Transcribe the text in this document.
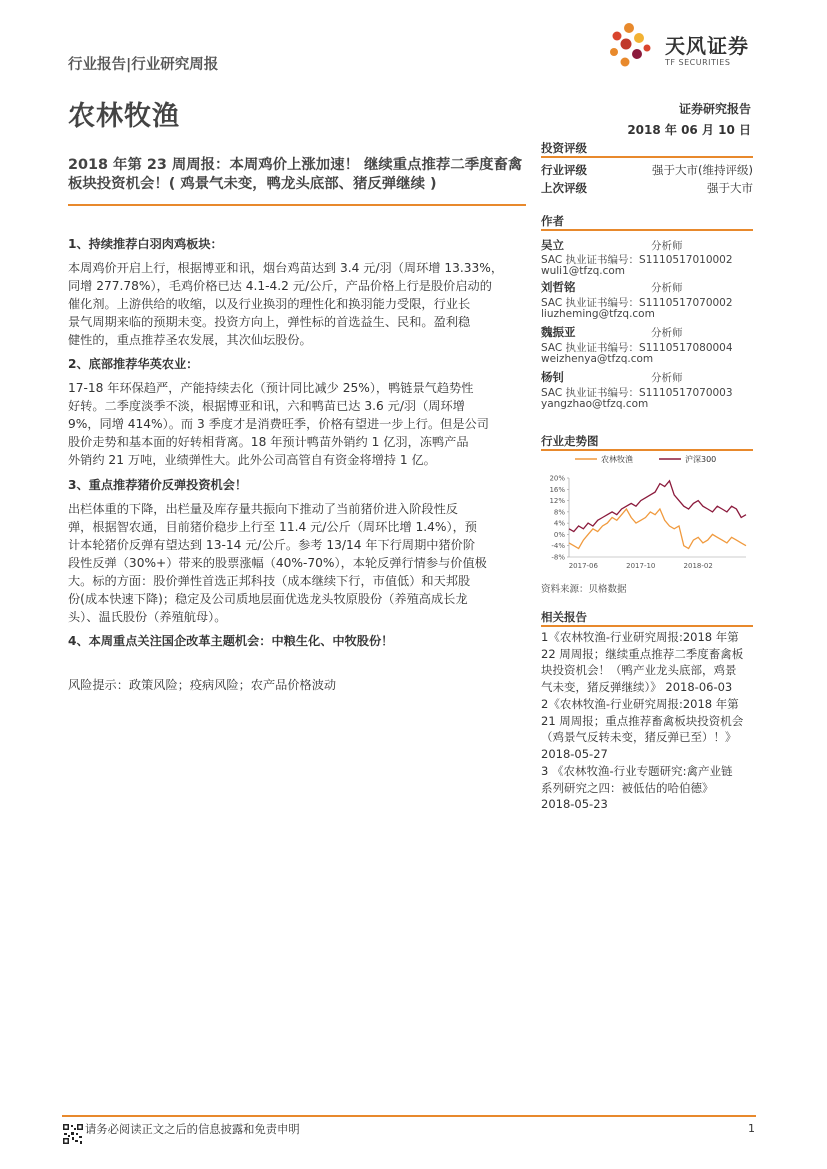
行业报告|行业研究周报
农林牧渔
天风证券
TF SECURITIES
证券研究报告
2018 年 06 月 10 日
2018 年第 23 周周报：本周鸡价上涨加速！ 继续重点推荐二季度畜禽板块投资机会！( 鸡景气未变，鸭龙头底部、猪反弹继续 )
1、持续推荐白羽肉鸡板块：
本周鸡价开启上行，根据博亚和讯，烟台鸡苗达到 3.4 元/羽（周环增 13.33%，
同增 277.78%），毛鸡价格已达 4.1-4.2 元/公斤，产品价格上行是股价启动的
催化剂。上游供给的收缩，以及行业换羽的理性化和换羽能力受限，行业长
景气周期来临的预期未变。投资方向上，弹性标的首选益生、民和。盈利稳
健性的，重点推荐圣农发展，其次仙坛股份。
2、底部推荐华英农业：
17-18 年环保趋严，产能持续去化（预计同比减少 25%），鸭链景气趋势性
好转。二季度淡季不淡，根据博亚和讯，六和鸭苗已达 3.6 元/羽（周环增
9%，同增 414%）。而 3 季度才是消费旺季，价格有望进一步上行。但是公司
股价走势和基本面的好转相背离。18 年预计鸭苗外销约 1 亿羽，冻鸭产品
外销约 21 万吨，业绩弹性大。此外公司高管自有资金将增持 1 亿。
3、重点推荐猪价反弹投资机会！
出栏体重的下降，出栏量及库存量共振向下推动了当前猪价进入阶段性反
弹，根据智农通，目前猪价稳步上行至 11.4 元/公斤（周环比增 1.4%），预
计本轮猪价反弹有望达到 13-14 元/公斤。参考 13/14 年下行周期中猪价阶
段性反弹（30%+）带来的股票涨幅（40%-70%），本轮反弹行情参与价值极
大。标的方面：股价弹性首选正邦科技（成本继续下行，市值低）和天邦股
份(成本快速下降)；稳定及公司质地层面优选龙头牧原股份（养殖高成长龙
头）、温氏股份（养殖航母）。
4、本周重点关注国企改革主题机会：中粮生化、中牧股份！
风险提示：政策风险；疫病风险；农产品价格波动
投资评级
行业评级	强于大市(维持评级)
上次评级	强于大市
作者
吴立	分析师
SAC 执业证书编号：S1110517010002
wuli1@tfzq.com
刘哲铭	分析师
SAC 执业证书编号：S1110517070002
liuzheming@tfzq.com
魏振亚	分析师
SAC 执业证书编号：S1110517080004
weizhenya@tfzq.com
杨钊	分析师
SAC 执业证书编号：S1110517070003
yangzhao@tfzq.com
行业走势图
20%
16%
12%
8%
4%
0%
-4%
-8%
2017-06	2017-10	2018-02
农林牧渔	沪深300
资料来源：贝格数据
相关报告
1《农林牧渔-行业研究周报:2018 年第
22 周周报；继续重点推荐二季度畜禽板
块投资机会！（鸭产业龙头底部，鸡景
气未变，猪反弹继续）》 2018-06-03
2《农林牧渔-行业研究周报:2018 年第
21 周周报；重点推荐畜禽板块投资机会
（鸡景气反转未变，猪反弹已至）！》
2018-05-27
3 《农林牧渔-行业专题研究:禽产业链
系列研究之四：被低估的哈伯德》
2018-05-23
请务必阅读正文之后的信息披露和免责申明	1
